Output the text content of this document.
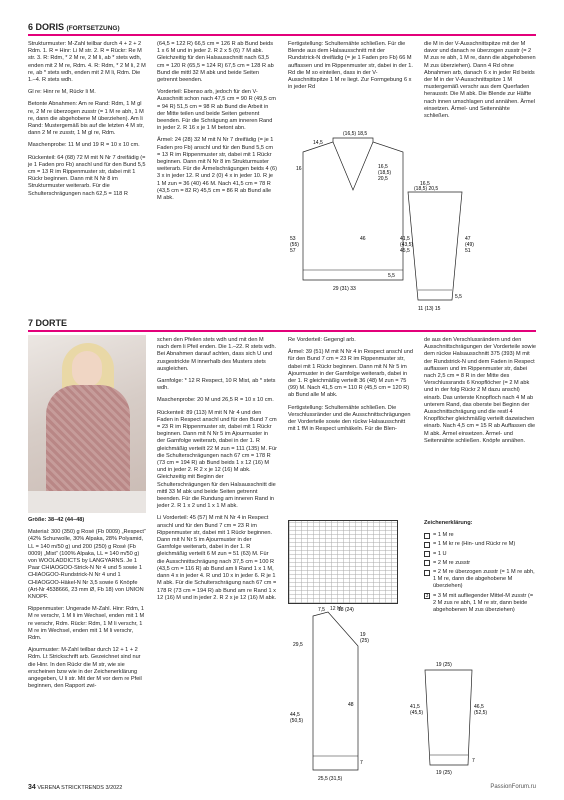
6 DORIS (FORTSETZUNG)

Strukturmuster: M-Zahl teilbar durch 4 + 2 + 2 Rdm. 1. R = Hinr: Li M str. 2. R = Rückr: Re M str. 3. R: Rdm, * 2 M re, 2 M li, ab * stets wdh, enden mit 2 M re, Rdm. 4. R: Rdm, * 2 M li, 2 M re, ab * stets wdh, enden mit 2 M li, Rdm. Die 1.–4. R stets wdh.

Gl re: Hinr re M, Rückr li M.

Betonte Abnahmen: Am re Rand: Rdm, 1 M gl re, 2 M re überzogen zusstr (= 1 M re abh, 1 M re, dann die abgehobene M überziehen). Am li Rand: Mustergemäß bis auf die letzten 4 M str, dann 2 M re zusstr, 1 M gl re, Rdm.

Maschenprobe: 11 M und 19 R = 10 x 10 cm.

Rückenteil: 64 (68) 72 M mit N Nr 7 dreifädig (= je 1 Faden pro Fb) anschl und für den Bund 5,5 cm = 13 R im Rippenmuster str, dabei mit 1 Rückr beginnen. Dann mit N Nr 8 im Strukturmuster weiterarb. Für die Schulterschrägungen nach 62,5 = 118 R

(64,5 = 122 R) 66,5 cm = 126 R ab Bund beids 1 x 6 M und in jeder 2. R 2 x 5 (6) 7 M abk. Gleichzeitig für den Halsausschnitt nach 63,5 cm = 120 R (65,5 = 124 R) 67,5 cm = 128 R ab Bund die mittl 32 M abk und beide Seiten getrennt beenden.

Vorderteil: Ebenso arb, jedoch für den V-Ausschnitt schon nach 47,5 cm = 90 R (49,5 cm = 94 R) 51,5 cm = 98 R ab Bund die Arbeit in der Mitte teilen und beide Seiten getrennt beenden. Für die Schrägung am inneren Rand in jeder 2. R 16 x je 1 M betont abn.

Ärmel: 24 (28) 32 M mit N Nr 7 dreifädig (= je 1 Faden pro Fb) anschl und für den Bund 5,5 cm = 13 R im Rippenmuster str, dabei mit 1 Rückr beginnen. Dann mit N Nr 8 im Strukturmuster weiterarb. Für die Ärmelschrägungen beids 4 (6) 3 x in jeder 12. R und 2 (0) 4 x in jeder 10. R je 1 M zun = 36 (40) 46 M. Nach 41,5 cm = 78 R (43,5 cm = 82 R) 45,5 cm = 86 R ab Bund alle M abk.

Fertigstellung: Schulternähte schließen. Für die Blende aus dem Halsausschnitt mit der Rundstrick-N dreifädig (= je 1 Faden pro Fb) 66 M auffassen und im Rippenmuster str, dabei in der 1. Rd die M so einteilen, dass in der V-Ausschnittspitze 1 M re liegt. Zur Formgebung 6 x in jeder Rd

die M in der V-Ausschnittspitze mit der M davor und danach re überzogen zusstr (= 2 M zus re abh, 1 M re, dann die abgehobenen M zus überziehen). Dann 4 Rd ohne Abnahmen arb, danach 6 x in jeder Rd beids der M in der V-Ausschnittspitze 1 M mustergemäß verschr aus dem Querfaden herausstr. Die M abk. Die Blende zur Hälfte nach innen umschlagen und annähen. Ärmel einsetzen. Ärmel- und Seitennähte schließen.

14,5
(16,5) 18,5
16	16,5
(18,5)
20,5
53
(55)
57
46
5,5
29 (31) 33
16,5
(18,5) 20,5
41,5
(43,5)
45,5
47
(49)
51
5,5
11 (13) 15
7 DORTE

Größe: 38–42 (44–48)

Material: 300 (350) g Rosé (Fb 0009) „Respect“ (42% Schurwolle, 30% Alpaka, 28% Polyamid, LL = 140 m/50 g) und 200 (250) g Rosé (Fb 0009) „Mist“ (100% Alpaka, LL = 140 m/50 g) von WOOLADDICTS by LANGYARNS. Je 1 Paar CHIAOGOO-Strick-N Nr 4 und 5 sowie 1 CHIAOGOO-Rundstrick-N Nr 4 und 1 CHIAOGOO-Häkel-N Nr 3,5 sowie 6 Knöpfe (Art-Nr 4538666, 23 mm Ø, Fb 18) von UNION KNOPF.

Rippenmuster: Ungerade M-Zahl. Hinr: Rdm, 1 M re verschr, 1 M li im Wechsel, enden mit 1 M re verschr, Rdm. Rückr: Rdm, 1 M li verschr, 1 M re im Wechsel, enden mit 1 M li verschr, Rdm.

Ajourmuster: M-Zahl teilbar durch 12 + 1 + 2 Rdm. Lt Strickschrift arb. Gezeichnet sind nur die Hinr. In den Rückr die M str, wie sie erscheinen bzw wie in der Zeichenerklärung angegeben, U li str. Mit der M vor dem re Pfeil beginnen, den Rapport zwi-

schen den Pfeilen stets wdh und mit den M nach dem li Pfeil enden. Die 1.–22. R stets wdh. Bei Abnahmen darauf achten, dass sich U und zusgestrickte M innerhalb des Musters stets ausgleichen.

Garnfolge: * 12 R Respect, 10 R Mist, ab * stets wdh.

Maschenprobe: 20 M und 26,5 R = 10 x 10 cm.

Rückenteil: 89 (113) M mit N Nr 4 und den Faden in Respect anschl und für den Bund 7 cm = 23 R im Rippenmuster str, dabei mit 1 Rückr beginnen. Dann mit N Nr 5 im Ajourmuster in der Garnfolge weiterarb, dabei in der 1. R gleichmäßig verteilt 22 M zun = 111 (135) M. Für die Schulterschrägungen nach 67 cm = 178 R (73 cm = 194 R) ab Bund beids 1 x 12 (16) M und in jeder 2. R 2 x je 12 (16) M abk. Gleichzeitig mit Beginn der Schulterschrägungen für den Halsausschnitt die mittl 33 M abk und beide Seiten getrennt beenden. Für die Rundung am inneren Rand in jeder 2. R 1 x 2 und 1 x 1 M abk.

Li Vorderteil: 45 (57) M mit N Nr 4 in Respect anschl und für den Bund 7 cm = 23 R im Rippenmuster str, dabei mit 1 Rückr beginnen. Dann mit N Nr 5 im Ajourmuster in der Garnfolge weiterarb, dabei in der 1. R gleichmäßig verteilt 6 M zun = 51 (63) M. Für die Ausschnittschrägung nach 37,5 cm = 100 R (43,5 cm = 116 R) ab Bund am li Rand 1 x 1 M, dann 4 x in jeder 4. R und 10 x in jeder 6. R je 1 M abk. Für die Schulterschrägung nach 67 cm = 178 R (73 cm = 194 R) ab Bund am re Rand 1 x 12 (16) M und in jeder 2. R 2 x je 12 (16) M abk.

Re Vorderteil: Gegengl arb.

Ärmel: 39 (51) M mit N Nr 4 in Respect anschl und für den Bund 7 cm = 23 R im Rippenmuster str, dabei mit 1 Rückr beginnen. Dann mit N Nr 5 im Ajourmuster in der Garnfolge weiterarb, dabei in der 1. R gleichmäßig verteilt 36 (48) M zun = 75 (99) M. Nach 41,5 cm = 110 R (45,5 cm = 120 R) ab Bund alle M abk.

Fertigstellung: Schulternähte schließen. Die Verschlussränder und die Ausschnittschrägungen der Vorderteile sowie den rückw Halsausschnitt mit 1 fM in Respect umhäkeln. Für die Blen-

de aus den Verschlussrändern und den Ausschnittschrägungen der Vorderteile sowie dem rückw Halsausschnitt 375 (393) M mit der Rundstrick-N und dem Faden in Respect auffassen und im Rippenmuster str, dabei nach 2,5 cm = 8 R in der Mitte des Verschlussrands 6 Knopflöcher (= 2 M abk und in der folg Rückr 2 M dazu anschl) einarb. Das unterste Knopfloch nach 4 M ab unterem Rand, das oberste bei Beginn der Ausschnittschrägung und die restl 4 Knopflöcher gleichmäßig verteilt dazwischen einarb. Nach 4,5 cm = 15 R ab Auffassen die M abk. Ärmel einsetzen. Ärmel- und Seitennähte schließen. Knöpfe annähen.

12 M

Zeichenerklärung:

= 1 M re
= 1 M kr re (Hin- und Rückr re M)
= 1 U
= 2 M re zusstr
= 2 M re überzogen zusstr (= 1 M re abh, 1 M re, dann die abgehobene M überziehen)
3 = 3 M mit aufliegender Mittel-M zusstr (= 2 M zus re abh, 1 M re str, dann beide abgehobenen M zus überziehen)
7,5	18 (24)
19
(25)
29,5
44,5
(50,5)
48
7
25,5 (31,5)
19 (25)
41,5
(45,5)
46,5
(52,5)
7
19 (25)
34 VERENA STRICKTRENDS 3/2022	PassionForum.ru
